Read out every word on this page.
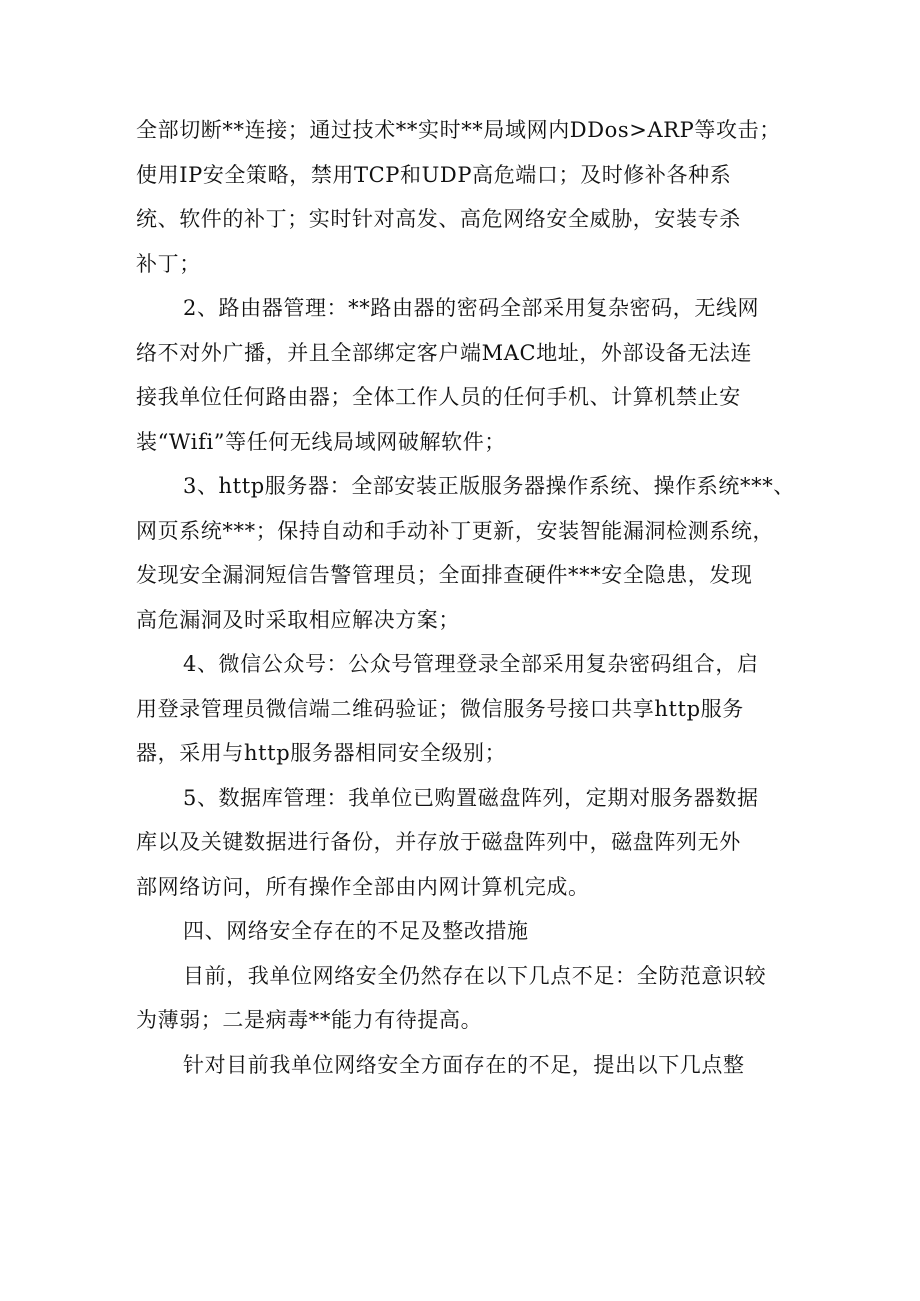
全部切断**连接；通过技术**实时**局域网内DDos>ARP等攻击；
使用IP安全策略，禁用TCP和UDP高危端口；及时修补各种系
统、软件的补丁；实时针对高发、高危网络安全威胁，安装专杀
补丁；
2、路由器管理：**路由器的密码全部采用复杂密码，无线网
络不对外广播，并且全部绑定客户端MAC地址，外部设备无法连
接我单位任何路由器；全体工作人员的任何手机、计算机禁止安
装“Wifi”等任何无线局域网破解软件；
3、http服务器：全部安装正版服务器操作系统、操作系统***、
网页系统***；保持自动和手动补丁更新，安装智能漏洞检测系统，
发现安全漏洞短信告警管理员；全面排查硬件***安全隐患，发现
高危漏洞及时采取相应解决方案；
4、微信公众号：公众号管理登录全部采用复杂密码组合，启
用登录管理员微信端二维码验证；微信服务号接口共享http服务
器，采用与http服务器相同安全级别；
5、数据库管理：我单位已购置磁盘阵列，定期对服务器数据
库以及关键数据进行备份，并存放于磁盘阵列中，磁盘阵列无外
部网络访问，所有操作全部由内网计算机完成。
四、网络安全存在的不足及整改措施
目前，我单位网络安全仍然存在以下几点不足：全防范意识较
为薄弱；二是病毒**能力有待提高。
针对目前我单位网络安全方面存在的不足，提出以下几点整
